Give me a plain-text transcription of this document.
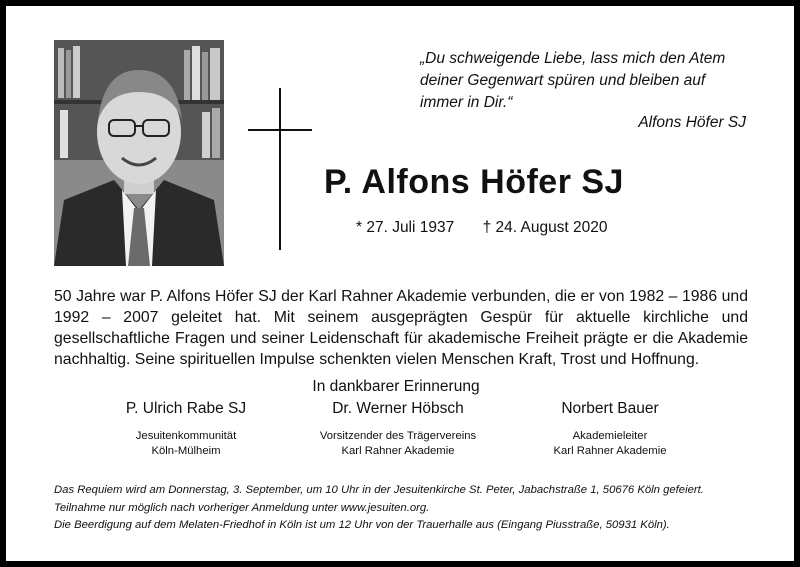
„Du schweigende Liebe, lass mich den Atem deiner Gegenwart spüren und bleiben auf immer in Dir.“
Alfons Höfer SJ
P. Alfons Höfer SJ
* 27. Juli 1937 † 24. August 2020
50 Jahre war P. Alfons Höfer SJ der Karl Rahner Akademie verbunden, die er von 1982 – 1986 und 1992 – 2007 geleitet hat. Mit seinem ausgeprägten Gespür für aktuelle kirchliche und gesellschaftliche Fragen und seiner Leidenschaft für akademische Freiheit prägte er die Akademie nachhaltig. Seine spirituellen Impulse schenkten vielen Menschen Kraft, Trost und Hoffnung.
In dankbarer Erinnerung
P. Ulrich Rabe SJ
Jesuitenkommunität
Köln-Mülheim
Dr. Werner Höbsch
Vorsitzender des Trägervereins
Karl Rahner Akademie
Norbert Bauer
Akademieleiter
Karl Rahner Akademie
Das Requiem wird am Donnerstag, 3. September, um 10 Uhr in der Jesuitenkirche St. Peter, Jabachstraße 1, 50676 Köln gefeiert.
Teilnahme nur möglich nach vorheriger Anmeldung unter www.jesuiten.org.
Die Beerdigung auf dem Melaten-Friedhof in Köln ist um 12 Uhr von der Trauerhalle aus (Eingang Piusstraße, 50931 Köln).
